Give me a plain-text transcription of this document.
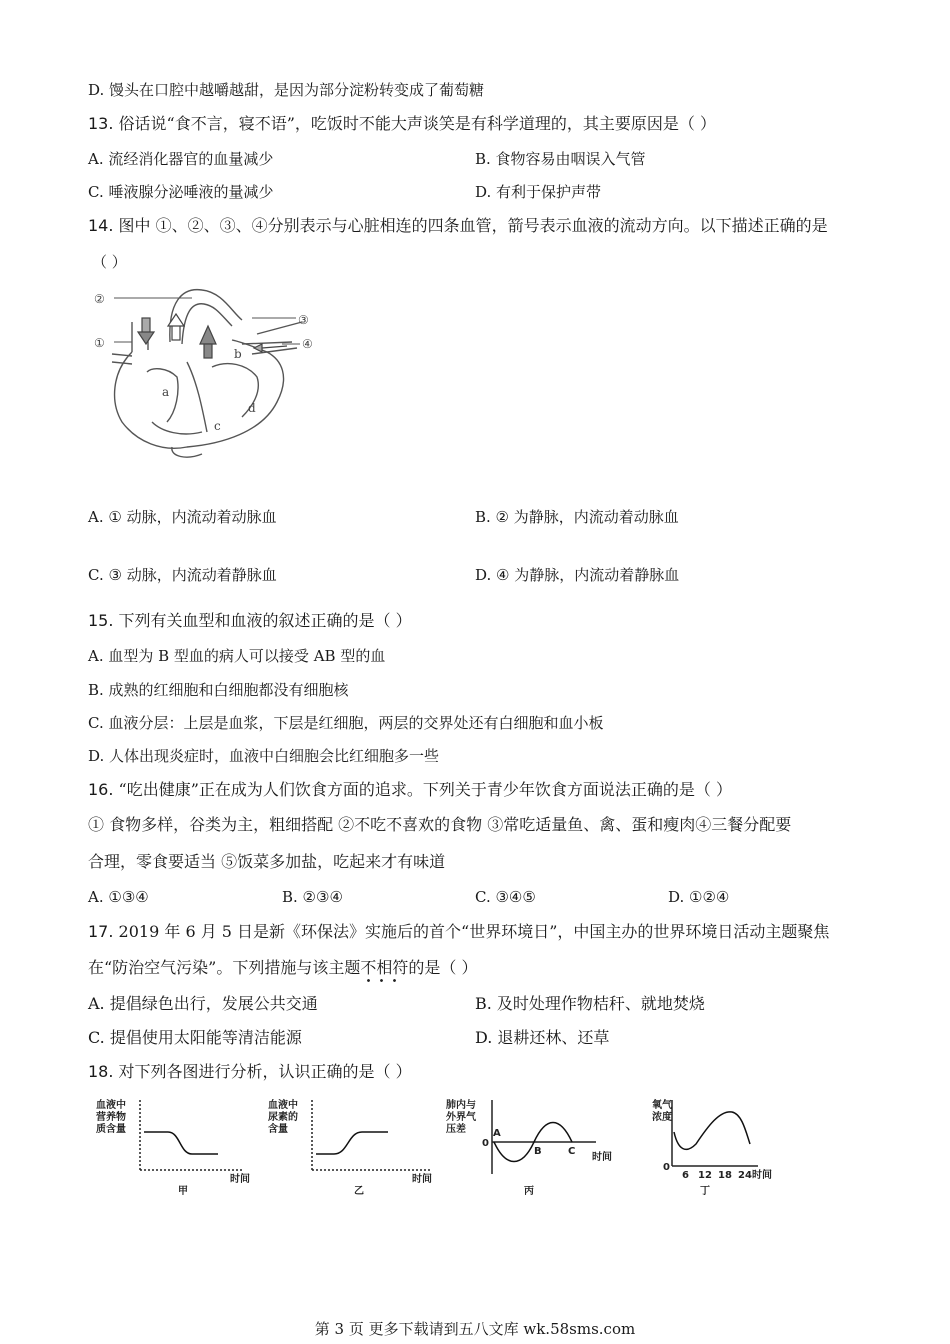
D. 馒头在口腔中越嚼越甜，是因为部分淀粉转变成了葡萄糖
13. 俗话说“食不言，寝不语”，吃饭时不能大声谈笑是有科学道理的，其主要原因是（ ）
A. 流经消化器官的血量减少	B. 食物容易由咽误入气管
C. 唾液腺分泌唾液的量减少	D. 有利于保护声带
14. 图中 ①、②、③、④分别表示与心脏相连的四条血管，箭号表示血液的流动方向。以下描述正确的是
（ ）
②
①
③
④
a
b
c
d
A. ① 动脉，内流动着动脉血	B. ② 为静脉，内流动着动脉血
C. ③ 动脉，内流动着静脉血	D. ④ 为静脉，内流动着静脉血
15. 下列有关血型和血液的叙述正确的是（ ）
A. 血型为 B 型血的病人可以接受 AB 型的血
B. 成熟的红细胞和白细胞都没有细胞核
C. 血液分层：上层是血浆，下层是红细胞，两层的交界处还有白细胞和血小板
D. 人体出现炎症时，血液中白细胞会比红细胞多一些
16. “吃出健康”正在成为人们饮食方面的追求。下列关于青少年饮食方面说法正确的是（ ）
① 食物多样，谷类为主，粗细搭配 ②不吃不喜欢的食物 ③常吃适量鱼、禽、蛋和瘦肉④三餐分配要
合理，零食要适当 ⑤饭菜多加盐，吃起来才有味道
A. ①③④	B. ②③④	C. ③④⑤	D. ①②④
17. 2019 年 6 月 5 日是新《环保法》实施后的首个“世界环境日”，中国主办的世界环境日活动主题聚焦
在“防治空气污染”。下列措施与该主题不相符的是（ ）
A. 提倡绿色出行，发展公共交通	B. 及时处理作物桔秆、就地焚烧
C. 提倡使用太阳能等清洁能源	D. 退耕还林、还草
18. 对下列各图进行分析，认识正确的是（ ）
血液中
营养物
质含量
时间
甲
血液中
尿素的
含量
时间
乙
肺内与
外界气
压差
0
A
B	C
时间
丙
氧气
浓度
0
6 12 18 24 时间
丁
第 3 页 更多下载请到五八文库 wk.58sms.com
